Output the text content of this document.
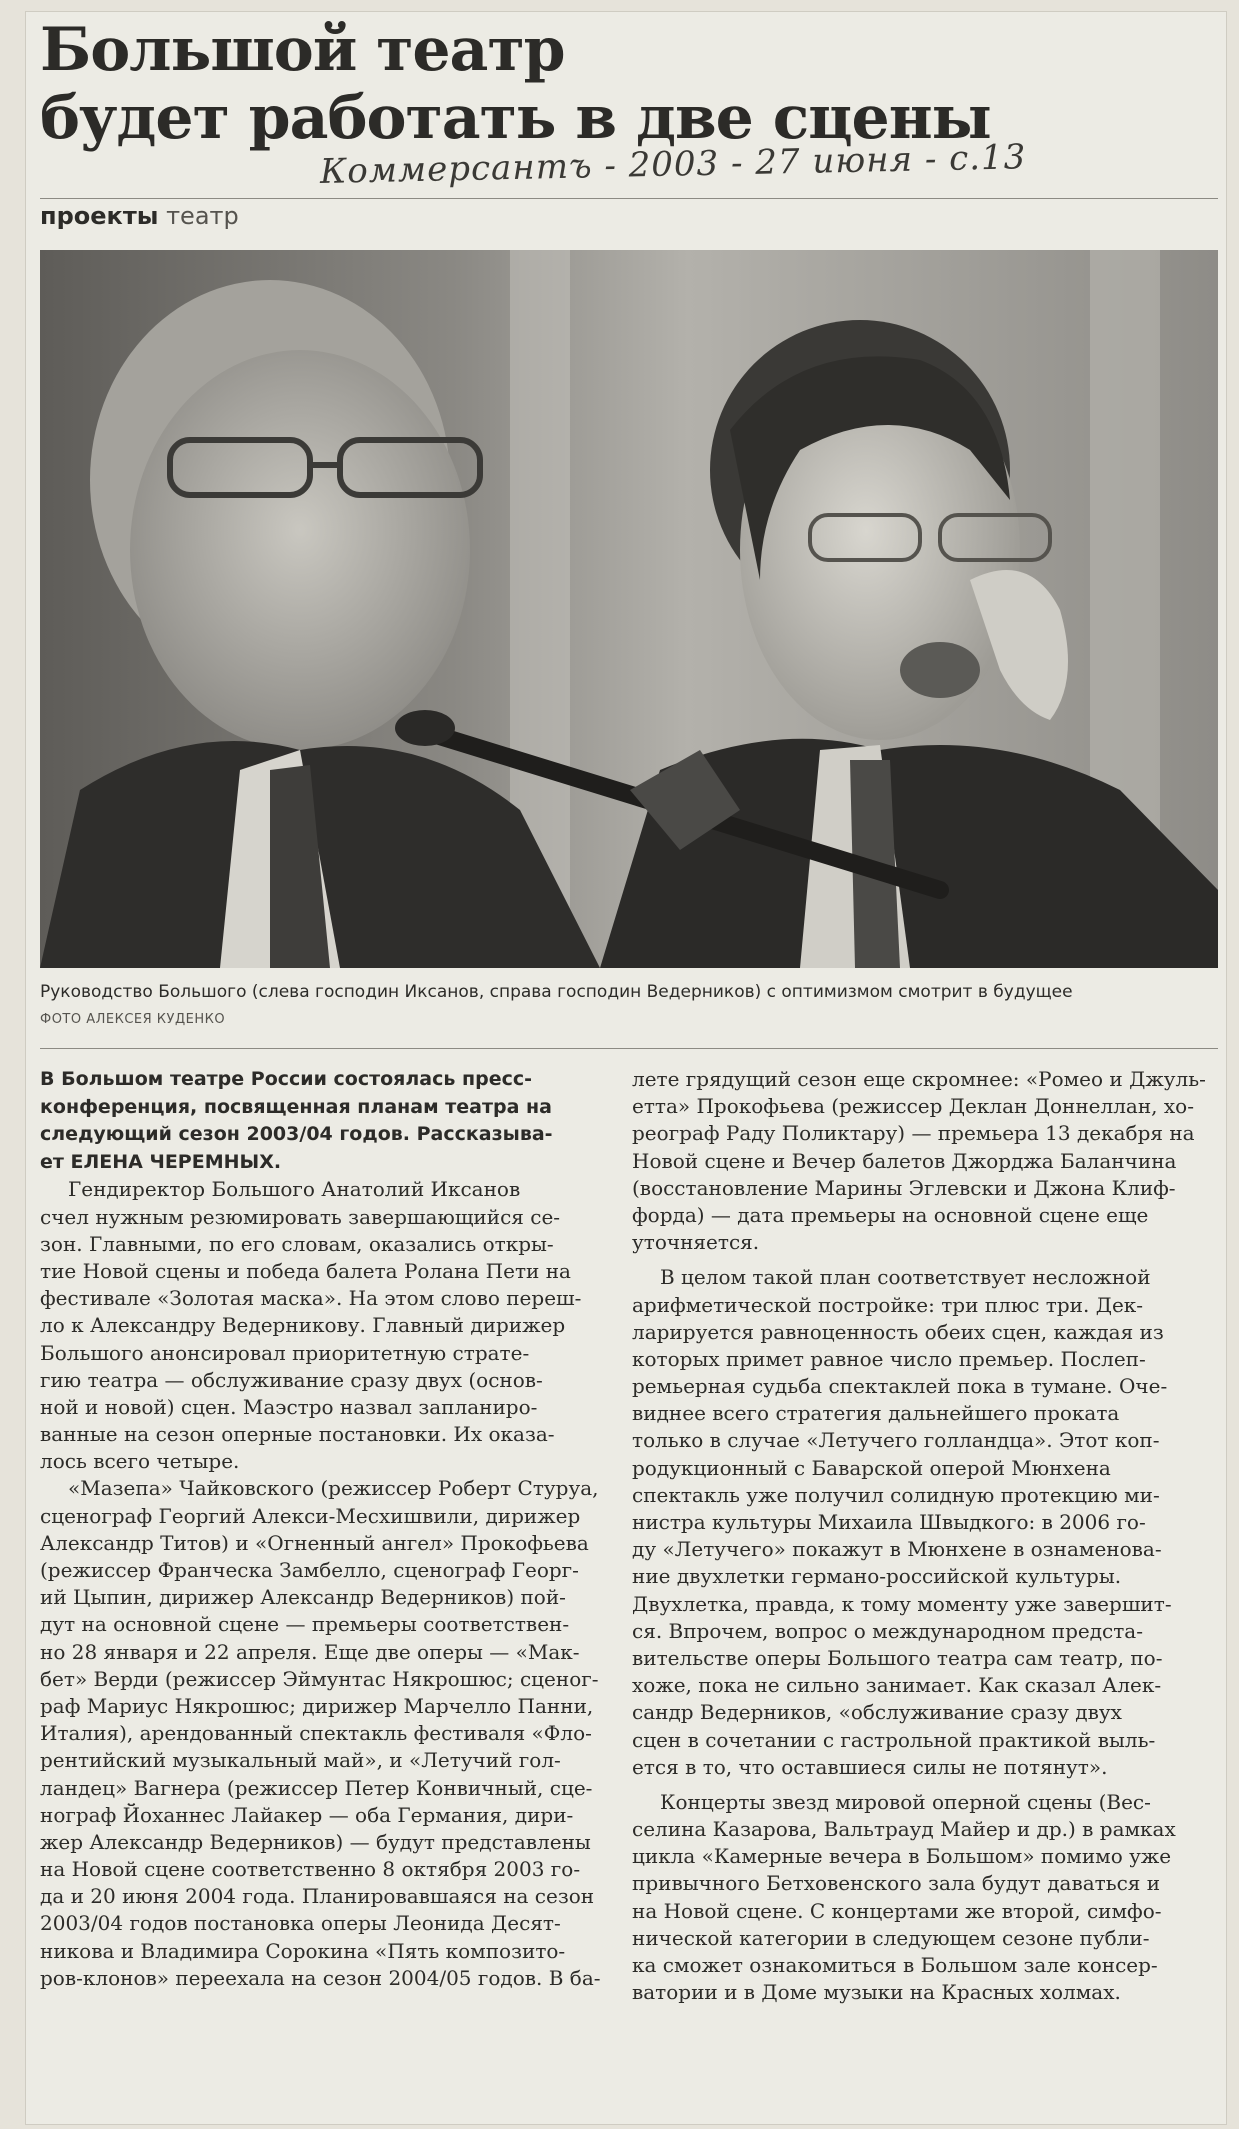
Большой театр
будет работать в две сцены
Коммерсантъ - 2003 - 27 июня - с.13
проекты театр
Руководство Большого (слева господин Иксанов, справа господин Ведерников) с оптимизмом смотрит в будущее
ФОТО АЛЕКСЕЯ КУДЕНКО
В Большом театре России состоялась пресс-
конференция, посвященная планам театра на
следующий сезон 2003/04 годов. Рассказыва-
ет ЕЛЕНА ЧЕРЕМНЫХ.
Гендиректор Большого Анатолий Иксанов
счел нужным резюмировать завершающийся се-
зон. Главными, по его словам, оказались откры-
тие Новой сцены и победа балета Ролана Пети на
фестивале «Золотая маска». На этом слово переш-
ло к Александру Ведерникову. Главный дирижер
Большого анонсировал приоритетную страте-
гию театра — обслуживание сразу двух (основ-
ной и новой) сцен. Маэстро назвал запланиро-
ванные на сезон оперные постановки. Их оказа-
лось всего четыре.
«Мазепа» Чайковского (режиссер Роберт Стуруа,
сценограф Георгий Алекси-Месхишвили, дирижер
Александр Титов) и «Огненный ангел» Прокофьева
(режиссер Франческа Замбелло, сценограф Георг-
ий Цыпин, дирижер Александр Ведерников) пой-
дут на основной сцене — премьеры соответствен-
но 28 января и 22 апреля. Еще две оперы — «Мак-
бет» Верди (режиссер Эймунтас Някрошюс; сценог-
раф Мариус Някрошюс; дирижер Марчелло Панни,
Италия), арендованный спектакль фестиваля «Фло-
рентийский музыкальный май», и «Летучий гол-
ландец» Вагнера (режиссер Петер Конвичный, сце-
нограф Йоханнес Лайакер — оба Германия, дири-
жер Александр Ведерников) — будут представлены
на Новой сцене соответственно 8 октября 2003 го-
да и 20 июня 2004 года. Планировавшаяся на сезон
2003/04 годов постановка оперы Леонида Десят-
никова и Владимира Сорокина «Пять композито-
ров-клонов» переехала на сезон 2004/05 годов. В ба-
лете грядущий сезон еще скромнее: «Ромео и Джуль-
етта» Прокофьева (режиссер Деклан Доннеллан, хо-
реограф Раду Поликтару) — премьера 13 декабря на
Новой сцене и Вечер балетов Джорджа Баланчина
(восстановление Марины Эглевски и Джона Клиф-
форда) — дата премьеры на основной сцене еще
уточняется.
В целом такой план соответствует несложной
арифметической постройке: три плюс три. Дек-
ларируется равноценность обеих сцен, каждая из
которых примет равное число премьер. Послеп-
ремьерная судьба спектаклей пока в тумане. Оче-
виднее всего стратегия дальнейшего проката
только в случае «Летучего голландца». Этот коп-
родукционный с Баварской оперой Мюнхена
спектакль уже получил солидную протекцию ми-
нистра культуры Михаила Швыдкого: в 2006 го-
ду «Летучего» покажут в Мюнхене в ознаменова-
ние двухлетки германо-российской культуры.
Двухлетка, правда, к тому моменту уже завершит-
ся. Впрочем, вопрос о международном предста-
вительстве оперы Большого театра сам театр, по-
хоже, пока не сильно занимает. Как сказал Алек-
сандр Ведерников, «обслуживание сразу двух
сцен в сочетании с гастрольной практикой выль-
ется в то, что оставшиеся силы не потянут».
Концерты звезд мировой оперной сцены (Вес-
селина Казарова, Вальтрауд Майер и др.) в рамках
цикла «Камерные вечера в Большом» помимо уже
привычного Бетховенского зала будут даваться и
на Новой сцене. С концертами же второй, симфо-
нической категории в следующем сезоне публи-
ка сможет ознакомиться в Большом зале консер-
ватории и в Доме музыки на Красных холмах.
